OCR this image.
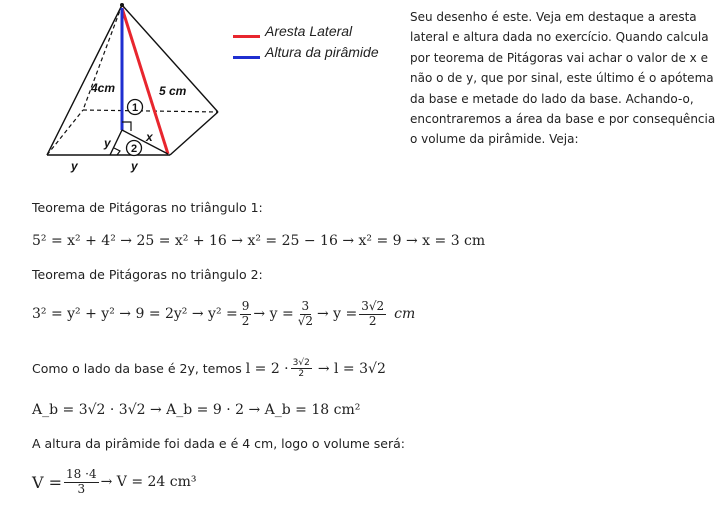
1
2
4cm	5 cm
x
y
y	y
Aresta Lateral
Altura da pirâmide
Seu desenho é este. Veja em destaque a aresta lateral e altura dada no exercício. Quando calcula por teorema de Pitágoras vai achar o valor de x e não o de y, que por sinal, este último é o apótema da base e metade do lado da base. Achando-o, encontraremos a área da base e por consequência o volume da pirâmide. Veja:
Teorema de Pitágoras no triângulo 1:
5² = x² + 4² → 25 = x² + 16 → x² = 25 − 16 → x² = 9 → x = 3 cm
Teorema de Pitágoras no triângulo 2:
$3^2 = y^2 + y^2 \to 9 = 2y^2 \to y^2 = \frac{9}{2} \to y = \frac{3}{√2} \to y = \frac{3√2}{2}$ cm
Como o lado da base é 2y, temos $l = 2 \cdot \frac{3√2}{2} \to l = 3√2$
A_b = 3√2 · 3√2 → A_b = 9 · 2 → A_b = 18 cm²
A altura da pirâmide foi dada e é 4 cm, logo o volume será:
$V = \frac{18 \cdot 4}{3} \to V = 24$ cm³
